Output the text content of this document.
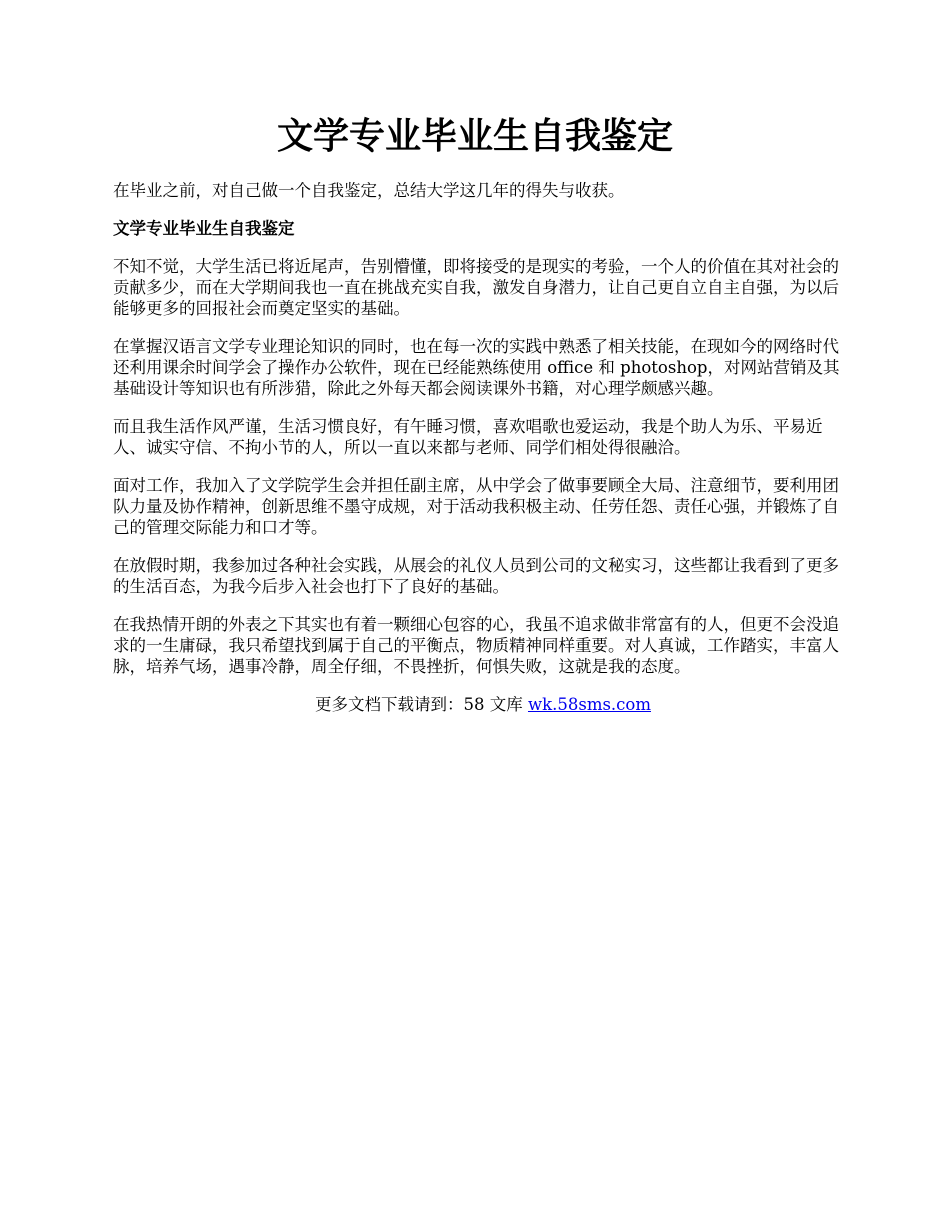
文学专业毕业生自我鉴定

在毕业之前，对自己做一个自我鉴定，总结大学这几年的得失与收获。

文学专业毕业生自我鉴定

不知不觉，大学生活已将近尾声，告别懵懂，即将接受的是现实的考验，一个人的价值在其对社会的贡献多少，而在大学期间我也一直在挑战充实自我，激发自身潜力，让自己更自立自主自强，为以后能够更多的回报社会而奠定坚实的基础。

在掌握汉语言文学专业理论知识的同时，也在每一次的实践中熟悉了相关技能，在现如今的网络时代还利用课余时间学会了操作办公软件，现在已经能熟练使用 office 和 photoshop，对网站营销及其基础设计等知识也有所涉猎，除此之外每天都会阅读课外书籍，对心理学颇感兴趣。

而且我生活作风严谨，生活习惯良好，有午睡习惯，喜欢唱歌也爱运动，我是个助人为乐、平易近人、诚实守信、不拘小节的人，所以一直以来都与老师、同学们相处得很融洽。

面对工作，我加入了文学院学生会并担任副主席，从中学会了做事要顾全大局、注意细节，要利用团队力量及协作精神，创新思维不墨守成规，对于活动我积极主动、任劳任怨、责任心强，并锻炼了自己的管理交际能力和口才等。

在放假时期，我参加过各种社会实践，从展会的礼仪人员到公司的文秘实习，这些都让我看到了更多的生活百态，为我今后步入社会也打下了良好的基础。

在我热情开朗的外表之下其实也有着一颗细心包容的心，我虽不追求做非常富有的人，但更不会没追求的一生庸碌，我只希望找到属于自己的平衡点，物质精神同样重要。对人真诚，工作踏实，丰富人脉，培养气场，遇事冷静，周全仔细，不畏挫折，何惧失败，这就是我的态度。

更多文档下载请到：58 文库 wk.58sms.com
